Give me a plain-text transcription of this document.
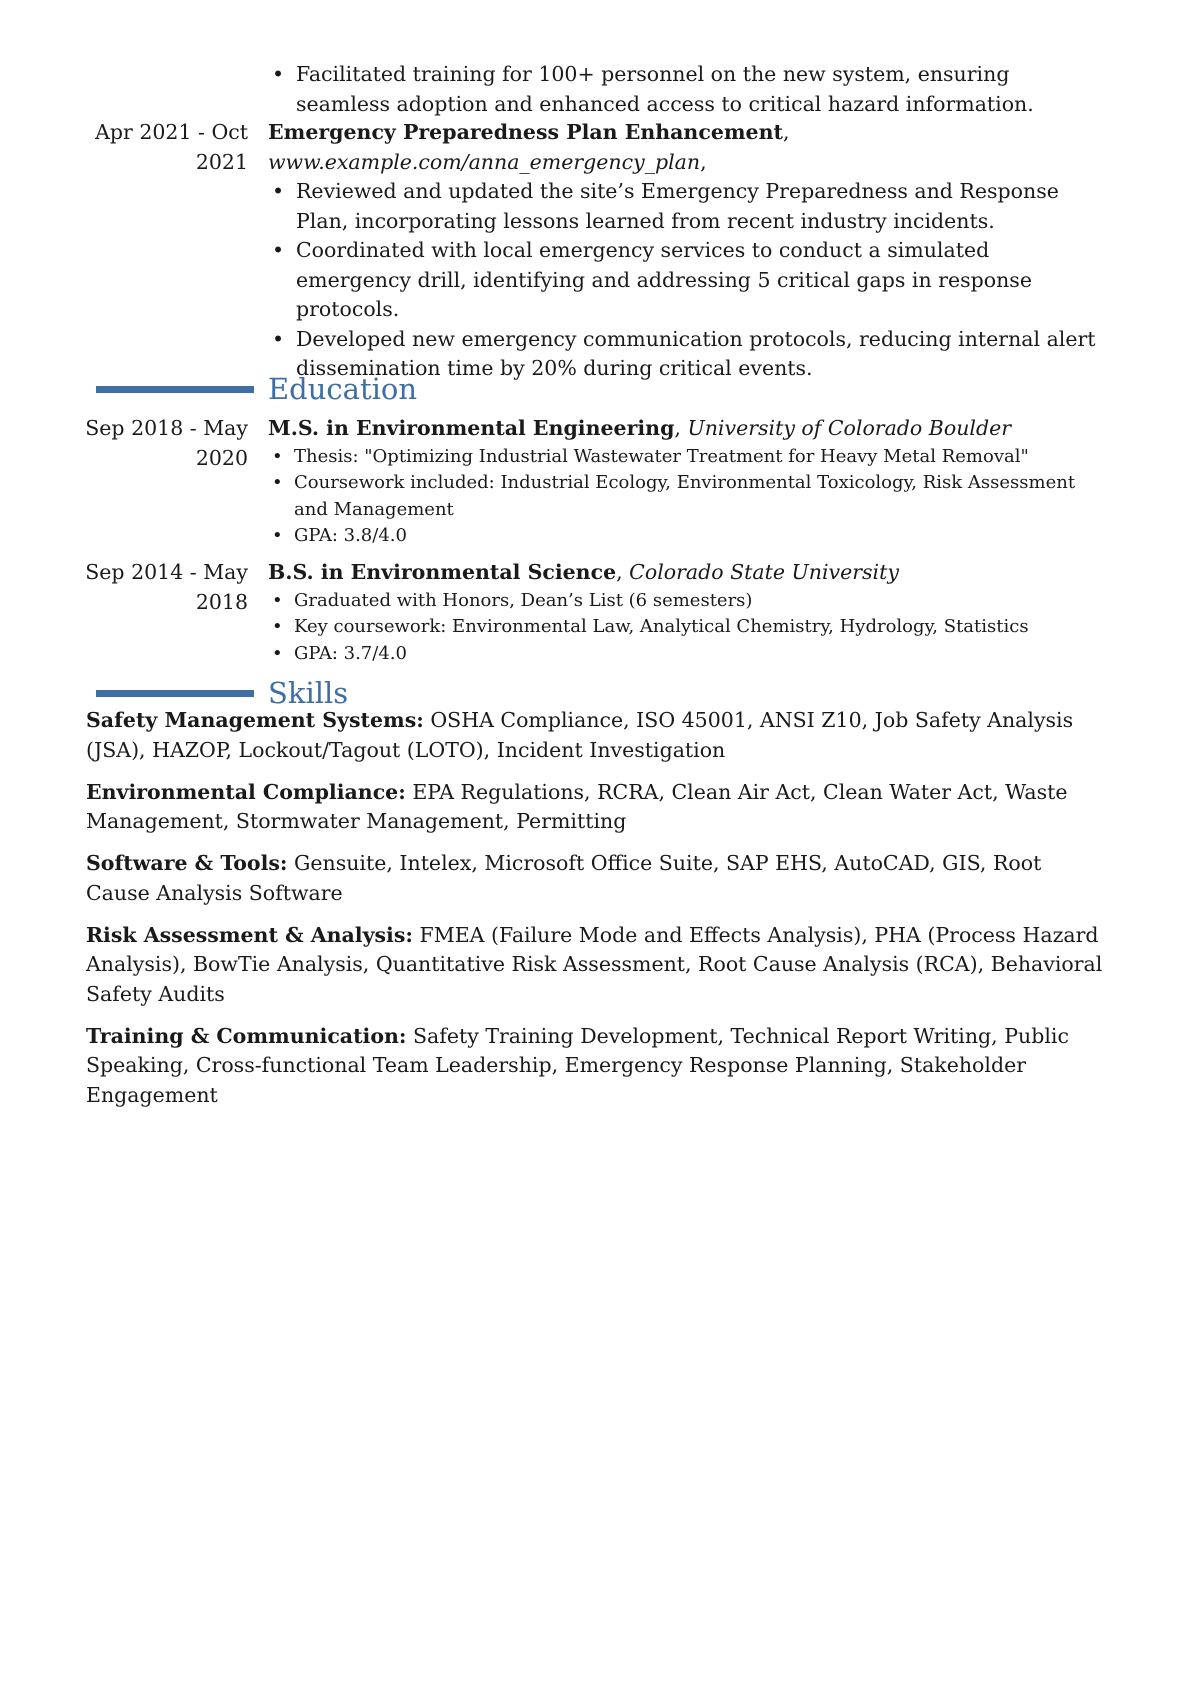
• Facilitated training for 100+ personnel on the new system, ensuring seamless adoption and enhanced access to critical hazard information.
Apr 2021 - Oct 2021
Emergency Preparedness Plan Enhancement, www.example.com/anna_emergency_plan,
• Reviewed and updated the site’s Emergency Preparedness and Response Plan, incorporating lessons learned from recent industry incidents.
• Coordinated with local emergency services to conduct a simulated emergency drill, identifying and addressing 5 critical gaps in response protocols.
• Developed new emergency communication protocols, reducing internal alert dissemination time by 20% during critical events.
Education
Sep 2018 - May 2020
M.S. in Environmental Engineering, University of Colorado Boulder
• Thesis: "Optimizing Industrial Wastewater Treatment for Heavy Metal Removal"
• Coursework included: Industrial Ecology, Environmental Toxicology, Risk Assessment and Management
• GPA: 3.8/4.0
Sep 2014 - May 2018
B.S. in Environmental Science, Colorado State University
• Graduated with Honors, Dean’s List (6 semesters)
• Key coursework: Environmental Law, Analytical Chemistry, Hydrology, Statistics
• GPA: 3.7/4.0
Skills
Safety Management Systems: OSHA Compliance, ISO 45001, ANSI Z10, Job Safety Analysis (JSA), HAZOP, Lockout/Tagout (LOTO), Incident Investigation
Environmental Compliance: EPA Regulations, RCRA, Clean Air Act, Clean Water Act, Waste Management, Stormwater Management, Permitting
Software & Tools: Gensuite, Intelex, Microsoft Office Suite, SAP EHS, AutoCAD, GIS, Root Cause Analysis Software
Risk Assessment & Analysis: FMEA (Failure Mode and Effects Analysis), PHA (Process Hazard Analysis), BowTie Analysis, Quantitative Risk Assessment, Root Cause Analysis (RCA), Behavioral Safety Audits
Training & Communication: Safety Training Development, Technical Report Writing, Public Speaking, Cross-functional Team Leadership, Emergency Response Planning, Stakeholder Engagement
